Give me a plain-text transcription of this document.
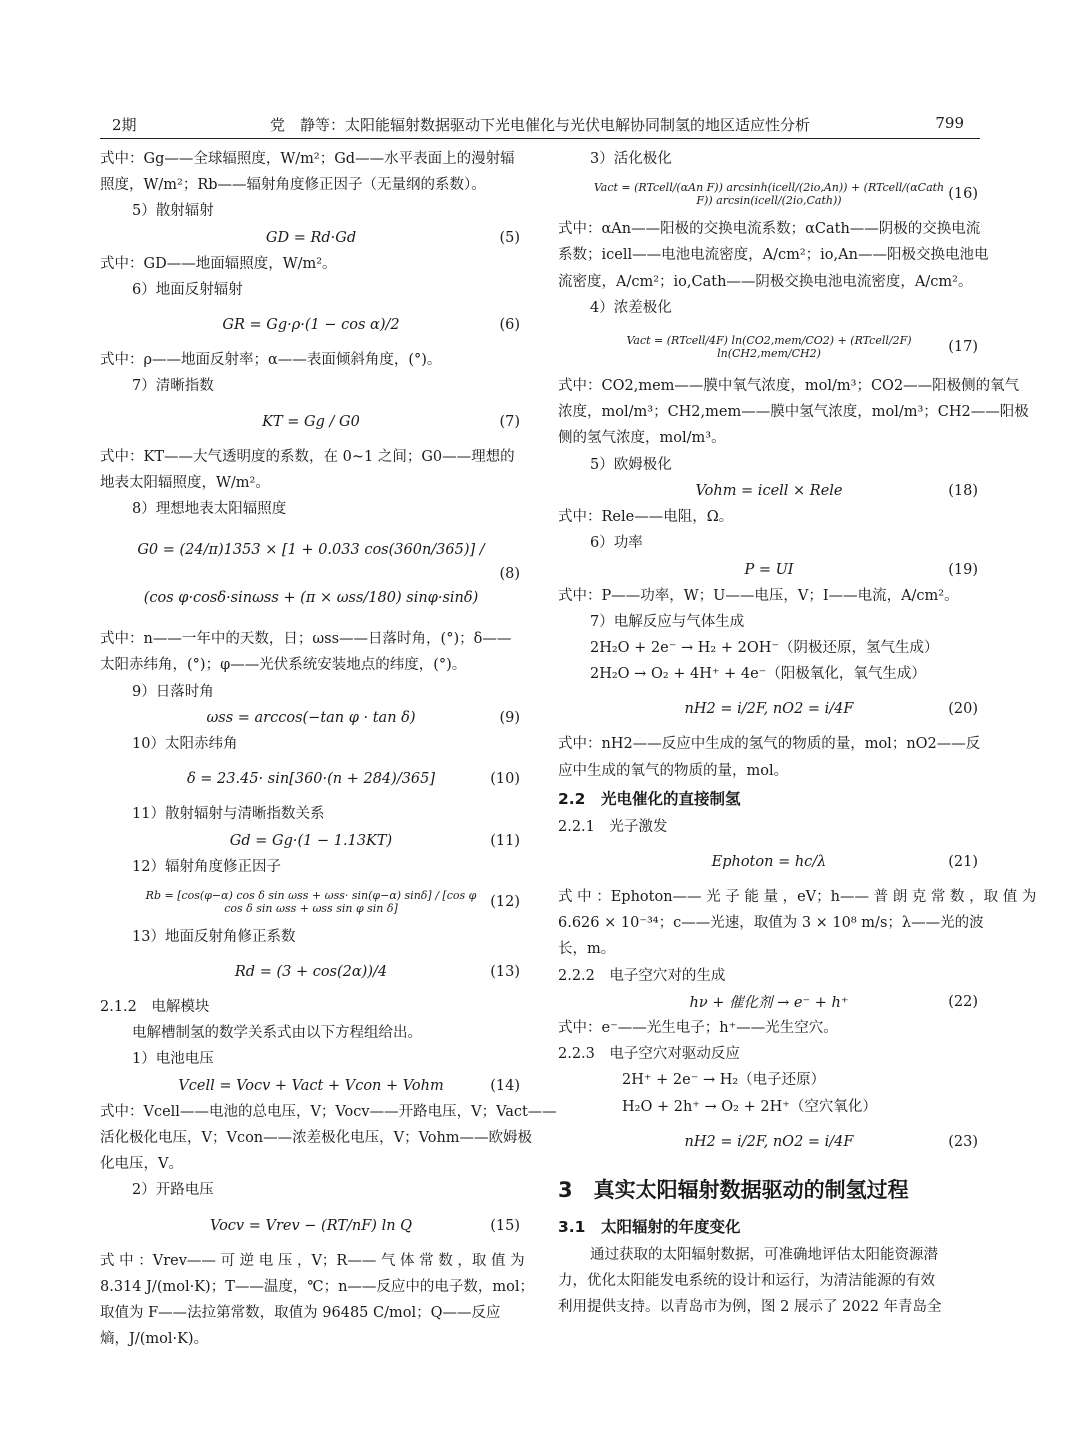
2期	党　静等：太阳能辐射数据驱动下光电催化与光伏电解协同制氢的地区适应性分析	799
式中：Gg——全球辐照度，W/m²；Gd——水平表面上的漫射辐
照度，W/m²；Rb——辐射角度修正因子（无量纲的系数）。
5）散射辐射
GD = Rd·Gd	(5)
式中：GD——地面辐照度，W/m²。
6）地面反射辐射
GR = Gg·ρ·(1 − cos α)/2	(6)
式中：ρ——地面反射率；α——表面倾斜角度，(°)。
7）清晰指数
KT = Gg / G0	(7)
式中：KT——大气透明度的系数，在 0~1 之间；G0——理想的
地表太阳辐照度，W/m²。
8）理想地表太阳辐照度
G0 = (24/π)1353 × [1 + 0.033 cos(360n/365)] /
(cos φ·cosδ·sinωss + (π × ωss/180) sinφ·sinδ)
(8)
式中：n——一年中的天数，日；ωss——日落时角，(°)；δ——
太阳赤纬角，(°)；φ——光伏系统安装地点的纬度，(°)。
9）日落时角
ωss = arccos(−tan φ · tan δ)	(9)
10）太阳赤纬角
δ = 23.45· sin[360·(n + 284)/365]	(10)
11）散射辐射与清晰指数关系
Gd = Gg·(1 − 1.13KT)	(11)
12）辐射角度修正因子
Rb = [cos(φ−α) cos δ sin ωss + ωss· sin(φ−α) sinδ] / [cos φ cos δ sin ωss + ωss sin φ sin δ]	(12)
13）地面反射角修正系数
Rd = (3 + cos(2α))/4	(13)
2.1.2　电解模块
电解槽制氢的数学关系式由以下方程组给出。
1）电池电压
Vcell = Vocv + Vact + Vcon + Vohm	(14)
式中：Vcell——电池的总电压，V；Vocv——开路电压，V；Vact——
活化极化电压，V；Vcon——浓差极化电压，V；Vohm——欧姆极
化电压，V。
2）开路电压
Vocv = Vrev − (RT/nF) ln Q	(15)
式 中 ：Vrev—— 可 逆 电 压 ，V；R—— 气 体 常 数 ，取 值 为
8.314 J/(mol·K)；T——温度，℃；n——反应中的电子数，mol；
取值为 F——法拉第常数，取值为 96485 C/mol；Q——反应
熵，J/(mol·K)。
3）活化极化
Vact = (RTcell/(αAn F)) arcsinh(icell/(2io,An)) + (RTcell/(αCath F)) arcsin(icell/(2io,Cath))	(16)
式中：αAn——阳极的交换电流系数；αCath——阴极的交换电流
系数；icell——电池电流密度，A/cm²；io,An——阳极交换电池电
流密度，A/cm²；io,Cath——阴极交换电池电流密度，A/cm²。
4）浓差极化
Vact = (RTcell/4F) ln(CO2,mem/CO2) + (RTcell/2F) ln(CH2,mem/CH2)	(17)
式中：CO2,mem——膜中氧气浓度，mol/m³；CO2——阳极侧的氧气
浓度，mol/m³；CH2,mem——膜中氢气浓度，mol/m³；CH2——阳极
侧的氢气浓度，mol/m³。
5）欧姆极化
Vohm = icell × Rele	(18)
式中：Rele——电阻，Ω。
6）功率
P = UI	(19)
式中：P——功率，W；U——电压，V；I——电流，A/cm²。
7）电解反应与气体生成
2H₂O + 2e⁻ → H₂ + 2OH⁻（阴极还原，氢气生成）
2H₂O → O₂ + 4H⁺ + 4e⁻（阳极氧化，氧气生成）
nH2 = i/2F, nO2 = i/4F	(20)
式中：nH2——反应中生成的氢气的物质的量，mol；nO2——反
应中生成的氧气的物质的量，mol。
2.2　光电催化的直接制氢
2.2.1　光子激发
Ephoton = hc/λ	(21)
式 中 ：Ephoton—— 光 子 能 量 ，eV；h—— 普 朗 克 常 数 ，取 值 为
6.626 × 10⁻³⁴；c——光速，取值为 3 × 10⁸ m/s；λ——光的波
长，m。
2.2.2　电子空穴对的生成
hν + 催化剂 → e⁻ + h⁺	(22)
式中：e⁻——光生电子；h⁺——光生空穴。
2.2.3　电子空穴对驱动反应
2H⁺ + 2e⁻ → H₂（电子还原）
H₂O + 2h⁺ → O₂ + 2H⁺（空穴氧化）
nH2 = i/2F, nO2 = i/4F	(23)
3　真实太阳辐射数据驱动的制氢过程
3.1　太阳辐射的年度变化
通过获取的太阳辐射数据，可准确地评估太阳能资源潜
力，优化太阳能发电系统的设计和运行，为清洁能源的有效
利用提供支持。以青岛市为例，图 2 展示了 2022 年青岛全
